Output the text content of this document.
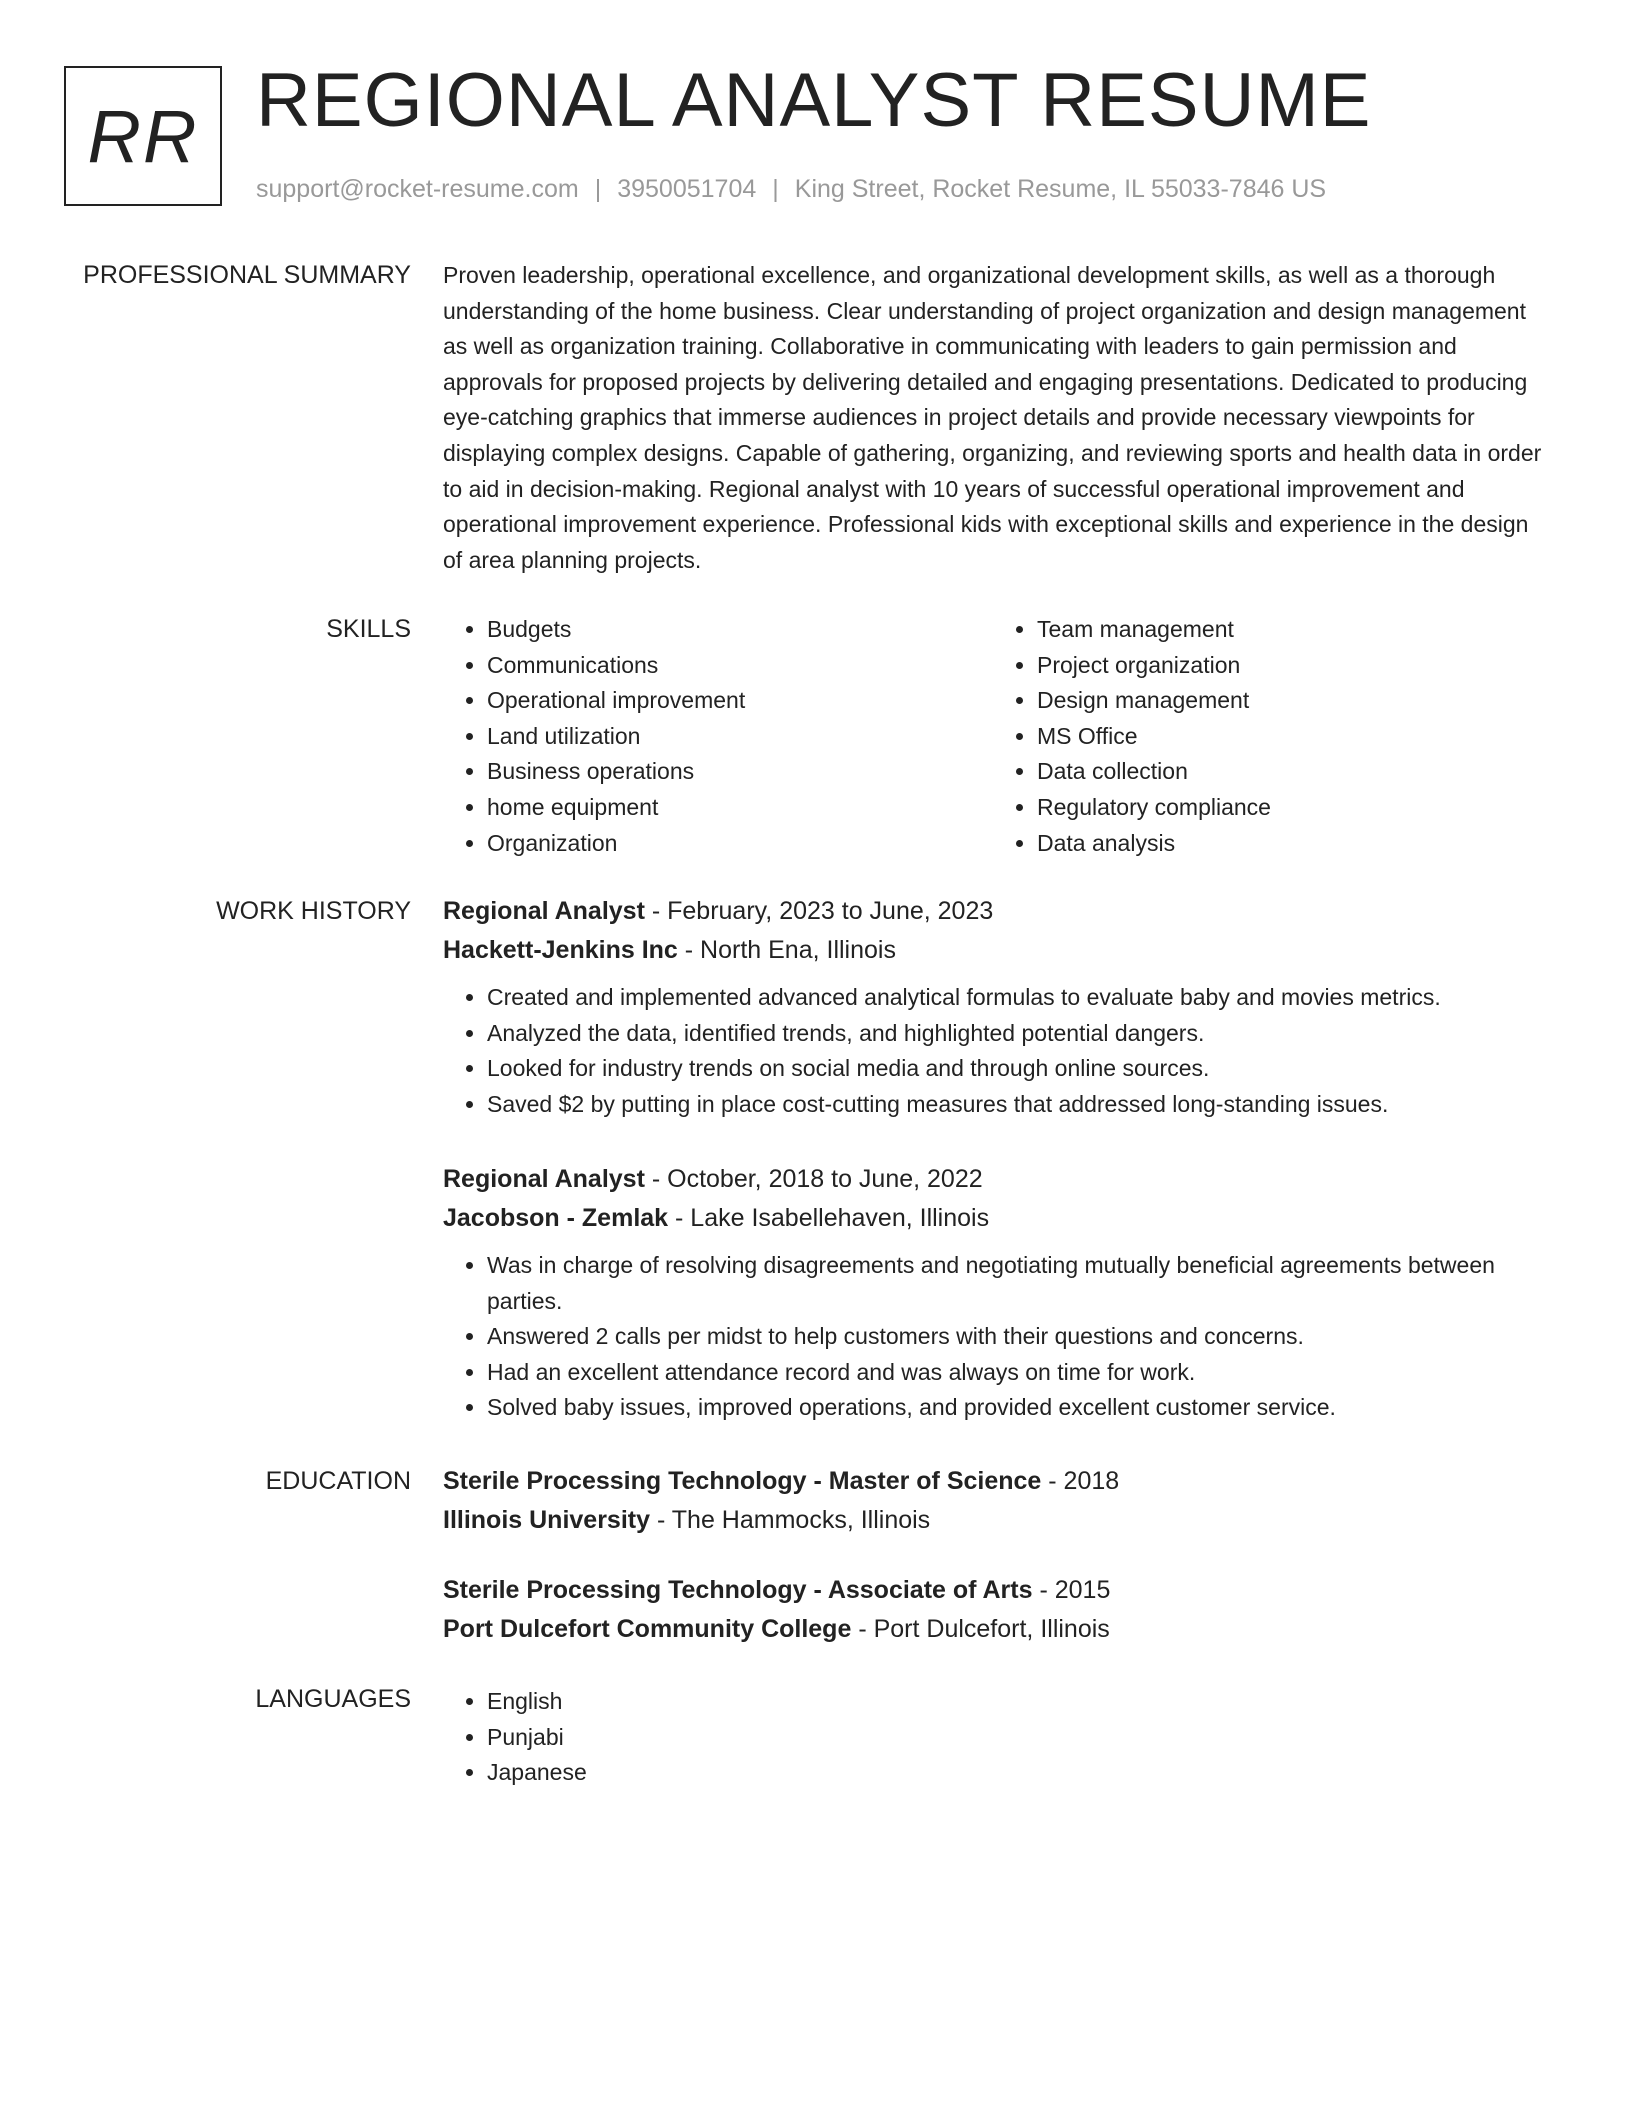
RR REGIONAL ANALYST RESUME
support@rocket-resume.com | 3950051704 | King Street, Rocket Resume, IL 55033-7846 US
PROFESSIONAL SUMMARY Proven leadership, operational excellence, and organizational development skills, as well as a thorough understanding of the home business. Clear understanding of project organization and design management as well as organization training. Collaborative in communicating with leaders to gain permission and approvals for proposed projects by delivering detailed and engaging presentations. Dedicated to producing eye-catching graphics that immerse audiences in project details and provide necessary viewpoints for displaying complex designs. Capable of gathering, organizing, and reviewing sports and health data in order to aid in decision-making. Regional analyst with 10 years of successful operational improvement and operational improvement experience. Professional kids with exceptional skills and experience in the design of area planning projects.

SKILLS	• Budgets
• Communications
• Operational improvement
• Land utilization
• Business operations
• home equipment
• Organization
• Team management
• Project organization
• Design management
• MS Office
• Data collection
• Regulatory compliance
• Data analysis
WORK HISTORY Regional Analyst - February, 2023 to June, 2023
Hackett-Jenkins Inc - North Ena, Illinois
• Created and implemented advanced analytical formulas to evaluate baby and movies metrics.
• Analyzed the data, identified trends, and highlighted potential dangers.
• Looked for industry trends on social media and through online sources.
• Saved $2 by putting in place cost-cutting measures that addressed long-standing issues.
Regional Analyst - October, 2018 to June, 2022
Jacobson - Zemlak - Lake Isabellehaven, Illinois
• Was in charge of resolving disagreements and negotiating mutually beneficial agreements between parties.
• Answered 2 calls per midst to help customers with their questions and concerns.
• Had an excellent attendance record and was always on time for work.
• Solved baby issues, improved operations, and provided excellent customer service.
EDUCATION Sterile Processing Technology - Master of Science - 2018
Illinois University - The Hammocks, Illinois
Sterile Processing Technology - Associate of Arts - 2015
Port Dulcefort Community College - Port Dulcefort, Illinois
LANGUAGES	• English
• Punjabi
• Japanese
